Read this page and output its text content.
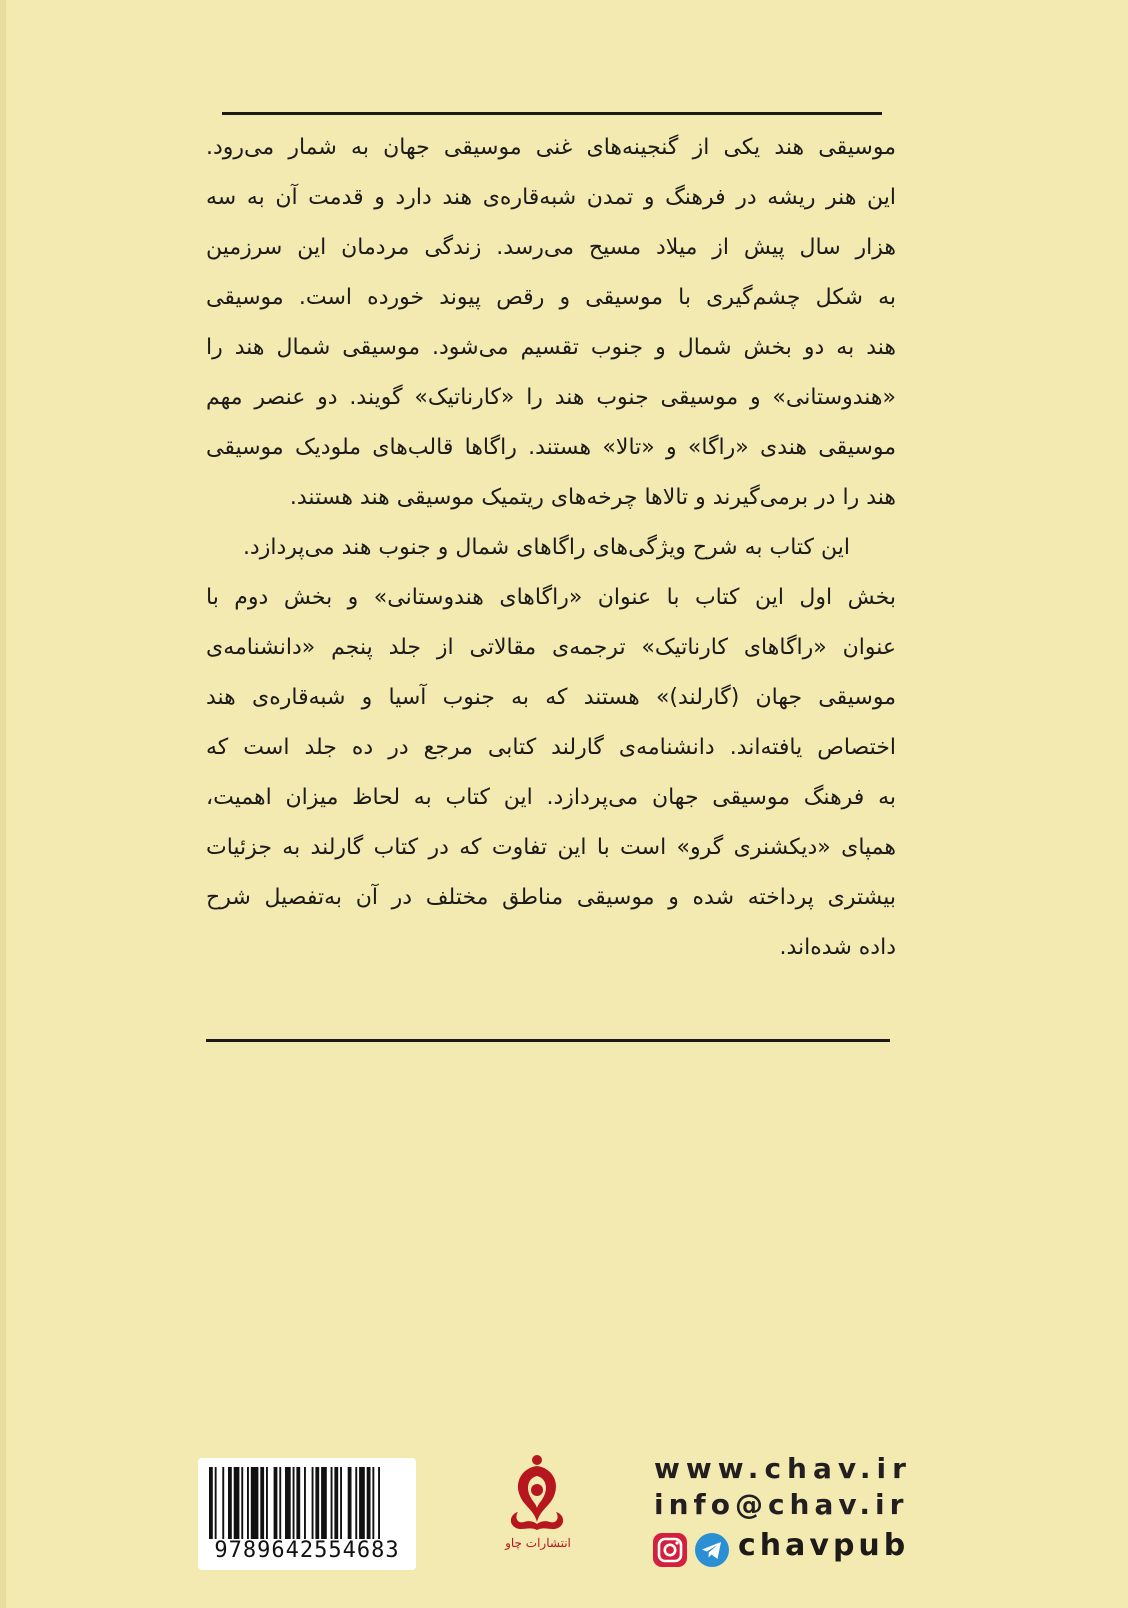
موسیقی هند یکی از گنجینه‌های غنی موسیقی جهان به شمار می‌رود.
این هنر ریشه در فرهنگ و تمدن شبه‌قاره‌ی هند دارد و قدمت آن به سه
هزار سال پیش از میلاد مسیح می‌رسد. زندگی مردمان این سرزمین
به شکل چشم‌گیری با موسیقی و رقص پیوند خورده است. موسیقی
هند به دو بخش شمال و جنوب تقسیم می‌شود. موسیقی شمال هند را
«هندوستانی» و موسیقی جنوب هند را «کارناتیک» گویند. دو عنصر مهم
موسیقی هندی «راگا» و «تالا» هستند. راگاها قالب‌های ملودیک موسیقی
هند را در برمی‌گیرند و تالاها چرخه‌های ریتمیک موسیقی هند هستند.
این کتاب به شرح ویژگی‌های راگاهای شمال و جنوب هند می‌پردازد.
بخش اول این کتاب با عنوان «راگاهای هندوستانی» و بخش دوم با
عنوان «راگاهای کارناتیک» ترجمه‌ی مقالاتی از جلد پنجم «دانشنامه‌ی
موسیقی جهان (گارلند)» هستند که به جنوب آسیا و شبه‌قاره‌ی هند
اختصاص یافته‌اند. دانشنامه‌ی گارلند کتابی مرجع در ده جلد است که
به فرهنگ موسیقی جهان می‌پردازد. این کتاب به لحاظ میزان اهمیت،
همپای «دیکشنری گرو» است با این تفاوت که در کتاب گارلند به جزئیات
بیشتری پرداخته شده و موسیقی مناطق مختلف در آن به‌تفصیل شرح
داده شده‌اند.
9789642554683	انتشارات چاو
www.chav.ir
info@chav.ir
chavpub
